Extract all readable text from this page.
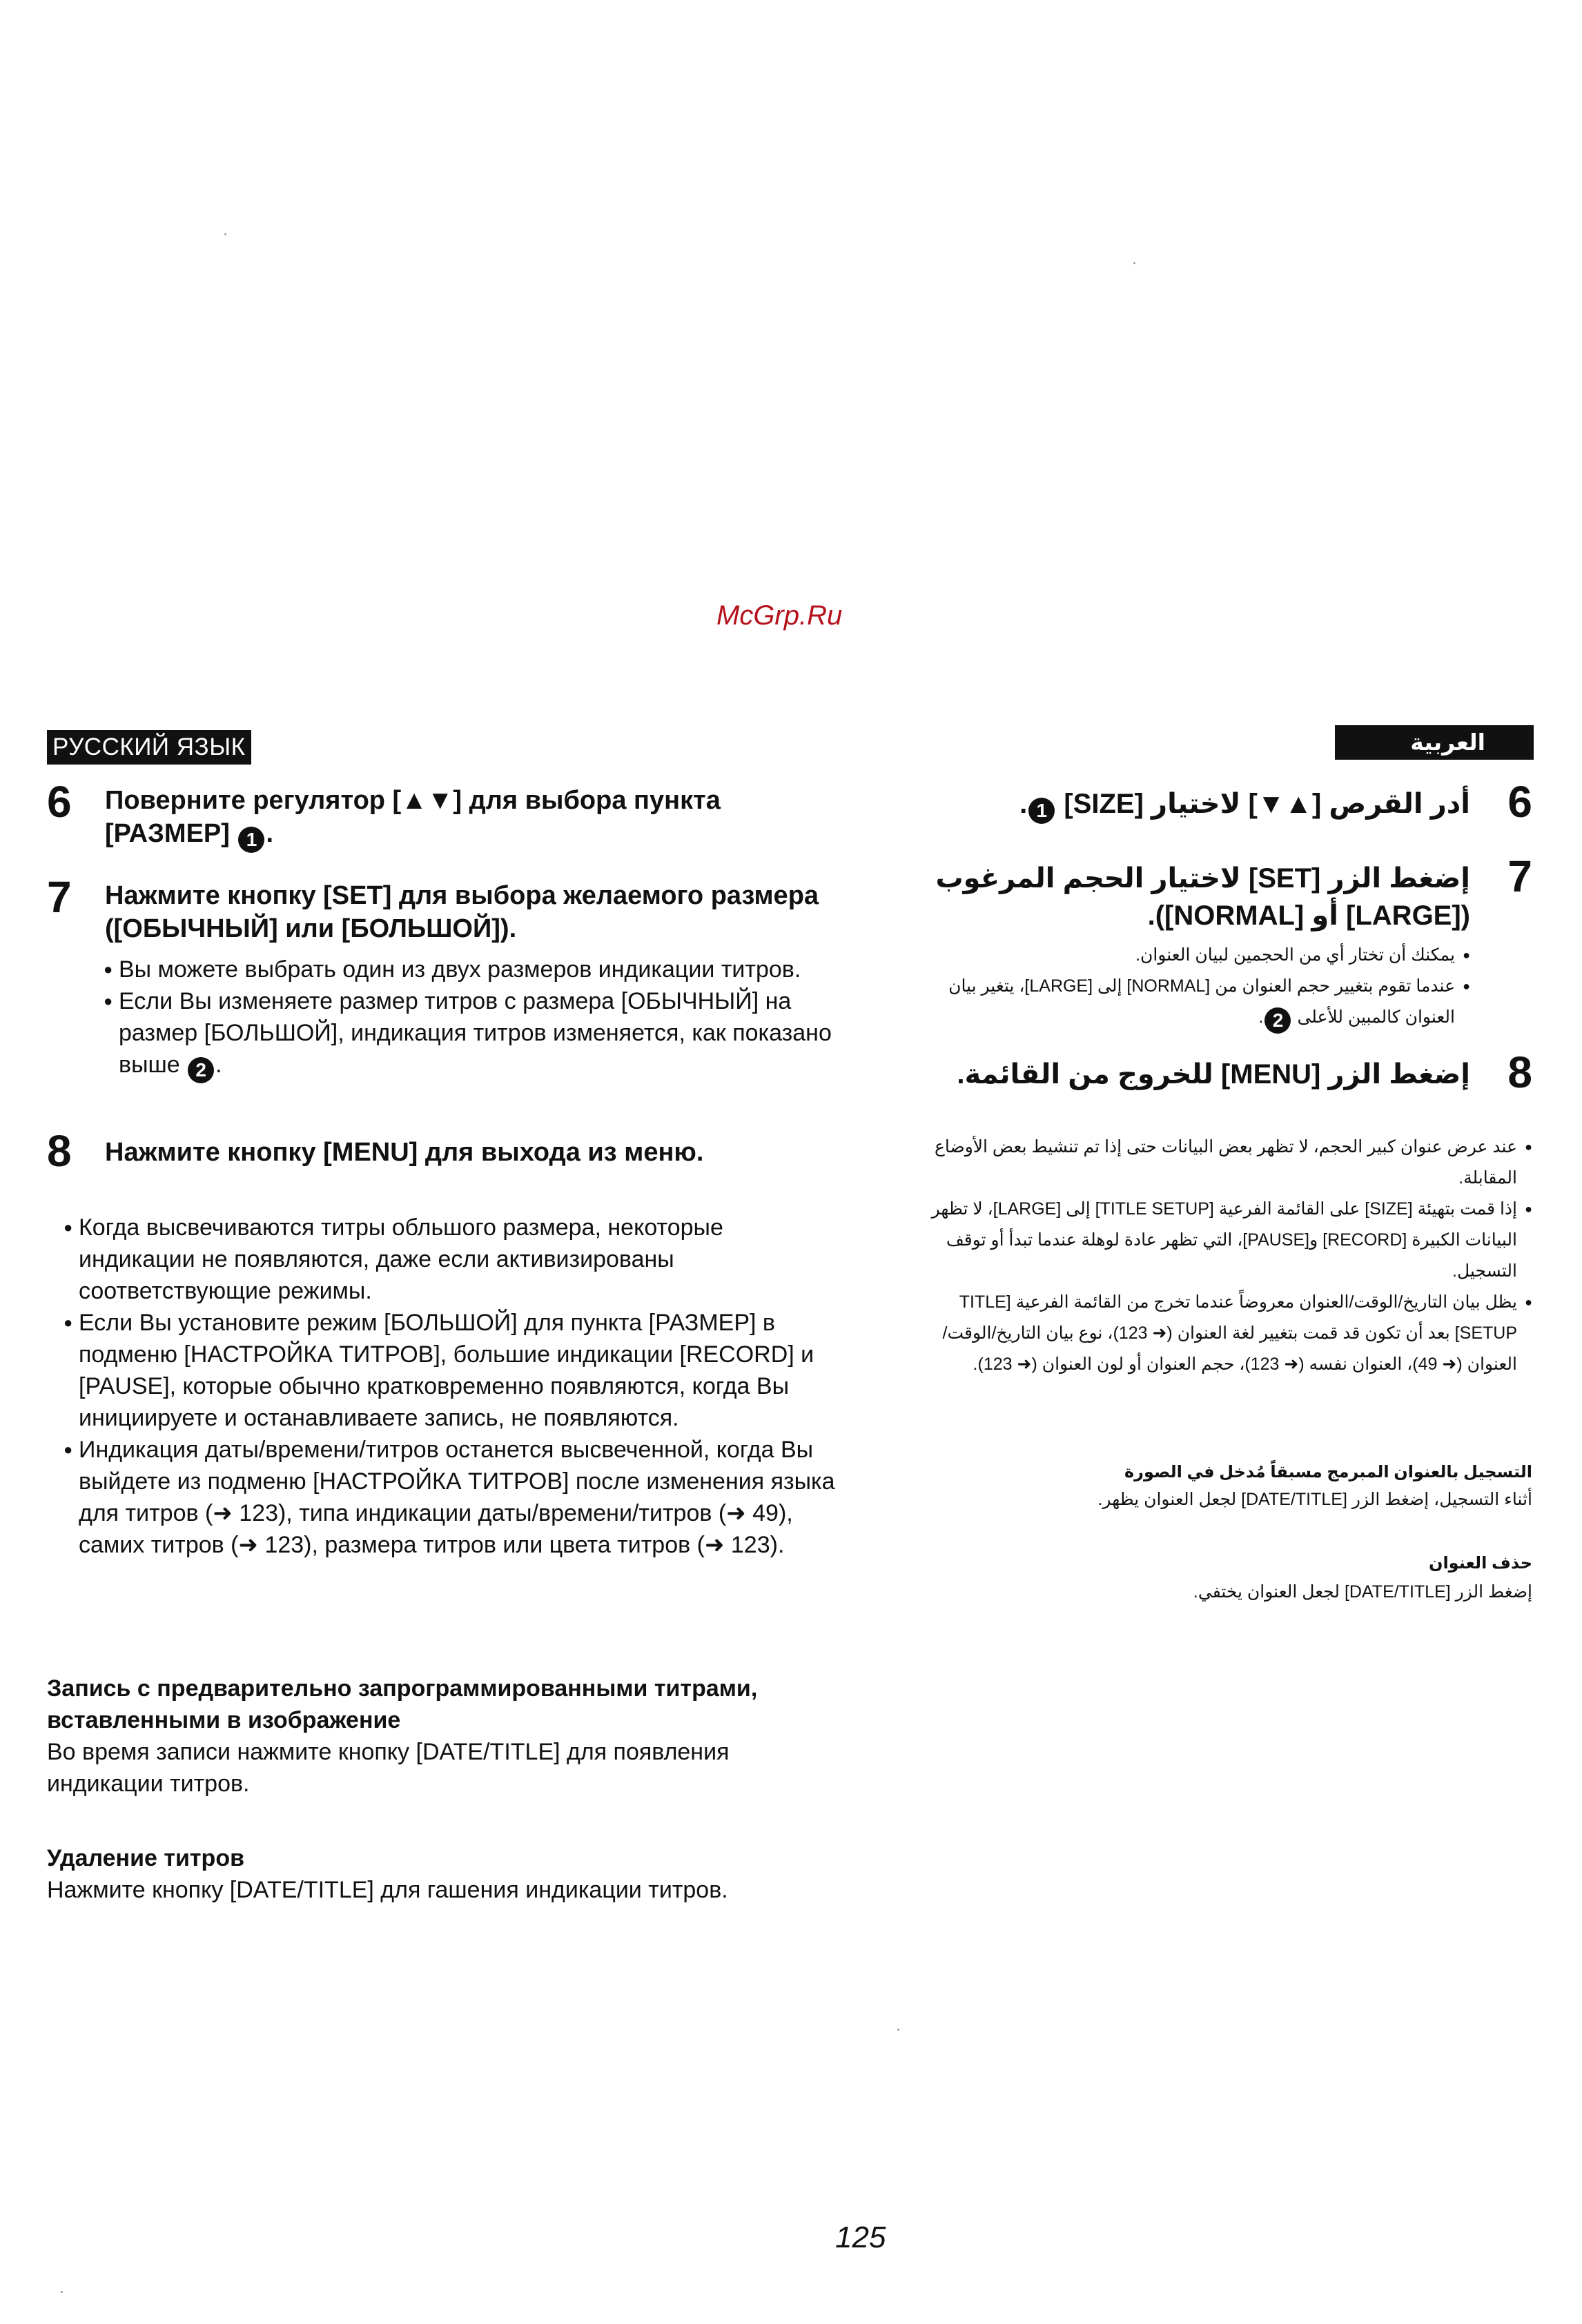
РУССКИЙ ЯЗЫК	العربية
6 Поверните регулятор [▲▼] для выбора пункта [РАЗМЕР] 1 .
7 Нажмите кнопку [SET] для выбора желаемого размера ([ОБЫЧНЫЙ] или [БОЛЬШОЙ]).
● Вы можете выбрать один из двух размеров индикации титров.
● Если Вы изменяете размер титров с размера [ОБЫЧНЫЙ] на размер [БОЛЬШОЙ], индикация титров изменяется, как показано выше 2 .
8 Нажмите кнопку [MENU] для выхода из меню.
● Когда высвечиваются титры обльшого размера, некоторые индикации не появляются, даже если активизированы соответствующие режимы.
● Если Вы установите режим [БОЛЬШОЙ] для пункта [РАЗМЕР] в подменю [НАСТРОЙКА ТИТРОВ], большие индикации [RECORD] и [PAUSE], которые обычно кратковременно появляются, когда Вы инициируете и останавливаете запись, не появляются.
● Индикация даты/времени/титров останется высвеченной, когда Вы выйдете из подменю [НАСТРОЙКА ТИТРОВ] после изменения языка для титров (➜ 123), типа индикации даты/времени/титров (➜ 49), самих титров (➜ 123), размера титров или цвета титров (➜ 123).
Запись с предварительно запрограммированными титрами, вставленными в изображение
Во время записи нажмите кнопку [DATE/TITLE] для появления индикации титров.
Удаление титров
Нажмите кнопку [DATE/TITLE] для гашения индикации титров.
6
أدر القرص [▲▼] لاختيار [SIZE] 1.
7
إضغط الزر [SET] لاختيار الحجم المرغوب ([LARGE] أو [NORMAL]).
● يمكنك أن تختار أي من الحجمين لبيان العنوان.
● عندما تقوم بتغيير حجم العنوان من [NORMAL] إلى [LARGE]، يتغير بيان العنوان كالمبين للأعلى 2.
8
إضغط الزر [MENU] للخروج من القائمة.
● عند عرض عنوان كبير الحجم، لا تظهر بعض البيانات حتى إذا تم تنشيط بعض الأوضاع المقابلة.
● إذا قمت بتهيئة [SIZE] على القائمة الفرعية [TITLE SETUP] إلى [LARGE]، لا تظهر البيانات الكبيرة [RECORD] و[PAUSE]، التي تظهر عادة لوهلة عندما تبدأ أو توقف التسجيل.
● يظل بيان التاريخ/الوقت/العنوان معروضاً عندما تخرج من القائمة الفرعية [TITLE SETUP] بعد أن تكون قد قمت بتغيير لغة العنوان (➜ 123)، نوع بيان التاريخ/الوقت/العنوان (➜ 49)، العنوان نفسه (➜ 123)، حجم العنوان أو لون العنوان (➜ 123).
التسجيل بالعنوان المبرمج مسبقاً مُدخل في الصورة
أثناء التسجيل، إضغط الزر [DATE/TITLE] لجعل العنوان يظهر.
حذف العنوان
إضغط الزر [DATE/TITLE] لجعل العنوان يختفي.
McGrp.Ru
125
